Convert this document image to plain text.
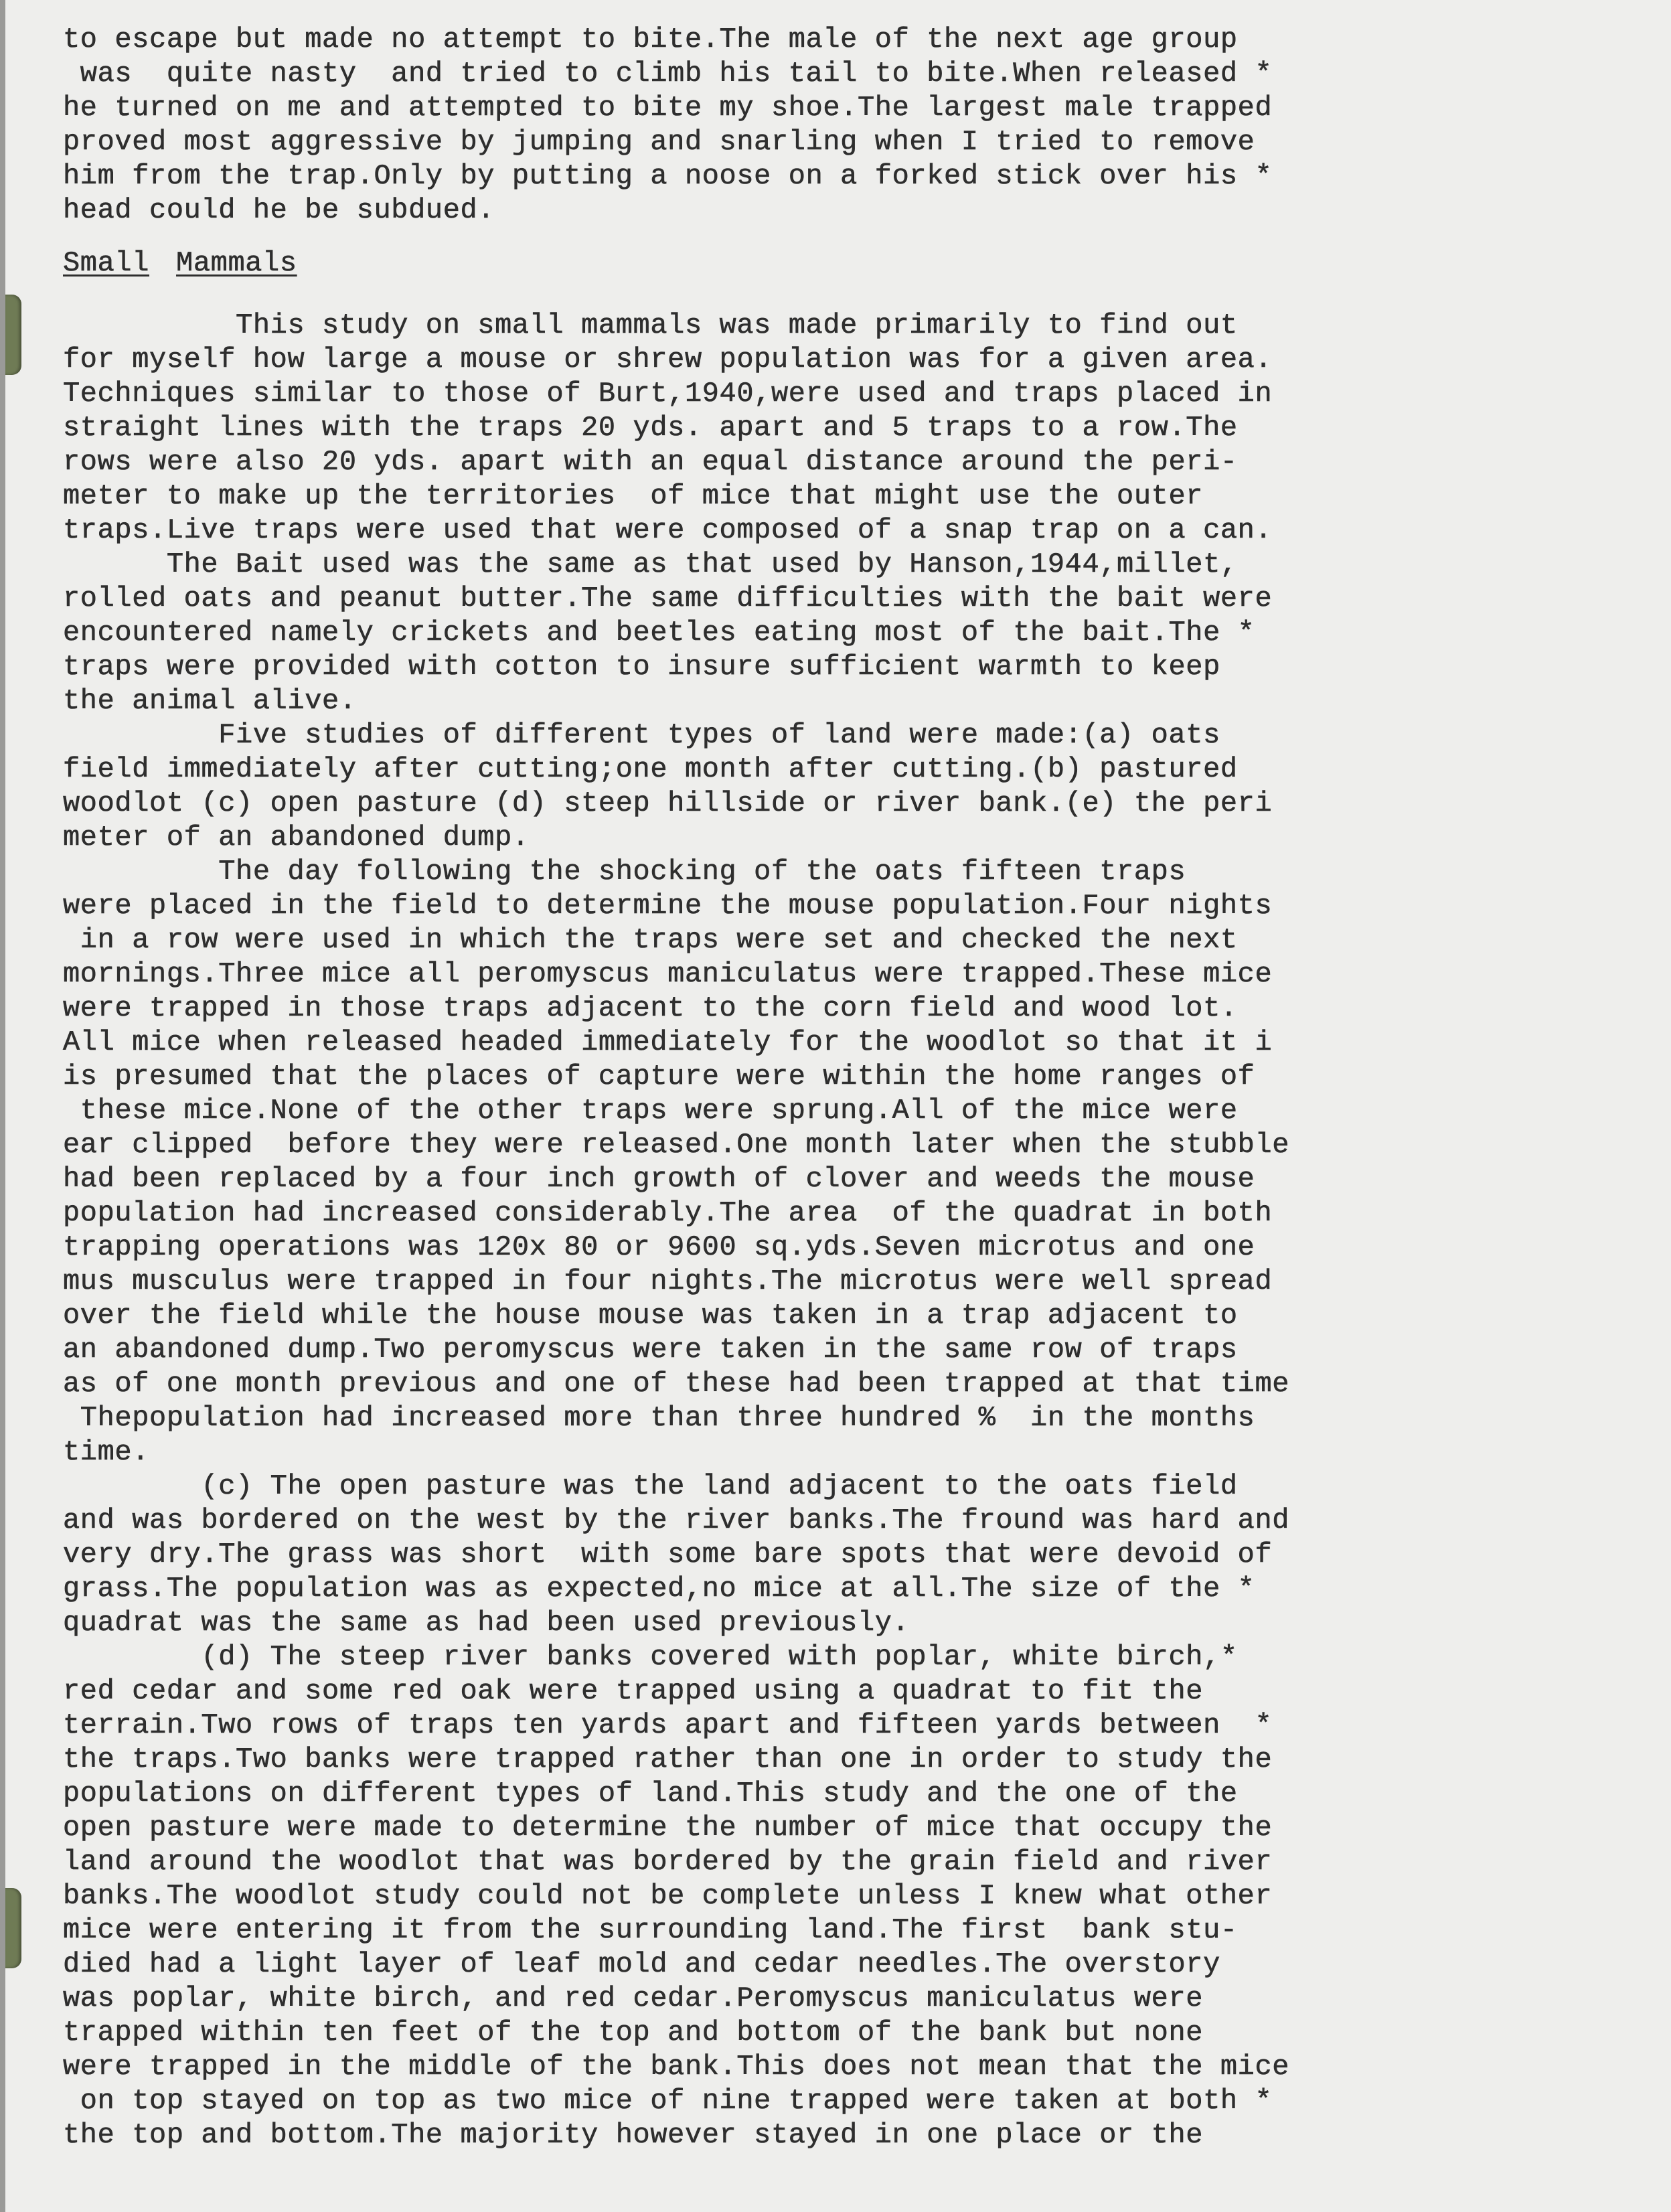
to escape but made no attempt to bite.The male of the next age group
was  quite nasty  and tried to climb his tail to bite.When released *
he turned on me and attempted to bite my shoe.The largest male trapped
proved most aggressive by jumping and snarling when I tried to remove
him from the trap.Only by putting a noose on a forked stick over his *
head could he be subdued.
Small Mammals
This study on small mammals was made primarily to find out
for myself how large a mouse or shrew population was for a given area.
Techniques similar to those of Burt,1940,were used and traps placed in
straight lines with the traps 20 yds. apart and 5 traps to a row.The
rows were also 20 yds. apart with an equal distance around the peri-
meter to make up the territories  of mice that might use the outer
traps.Live traps were used that were composed of a snap trap on a can.
The Bait used was the same as that used by Hanson,1944,millet,
rolled oats and peanut butter.The same difficulties with the bait were
encountered namely crickets and beetles eating most of the bait.The *
traps were provided with cotton to insure sufficient warmth to keep
the animal alive.
Five studies of different types of land were made:(a) oats
field immediately after cutting;one month after cutting.(b) pastured
woodlot (c) open pasture (d) steep hillside or river bank.(e) the peri
meter of an abandoned dump.
The day following the shocking of the oats fifteen traps
were placed in the field to determine the mouse population.Four nights
in a row were used in which the traps were set and checked the next
mornings.Three mice all peromyscus maniculatus were trapped.These mice
were trapped in those traps adjacent to the corn field and wood lot.
All mice when released headed immediately for the woodlot so that it i
is presumed that the places of capture were within the home ranges of
these mice.None of the other traps were sprung.All of the mice were
ear clipped  before they were released.One month later when the stubble
had been replaced by a four inch growth of clover and weeds the mouse
population had increased considerably.The area  of the quadrat in both
trapping operations was 120x 80 or 9600 sq.yds.Seven microtus and one
mus musculus were trapped in four nights.The microtus were well spread
over the field while the house mouse was taken in a trap adjacent to
an abandoned dump.Two peromyscus were taken in the same row of traps
as of one month previous and one of these had been trapped at that time
Thepopulation had increased more than three hundred %  in the months
time.
(c) The open pasture was the land adjacent to the oats field
and was bordered on the west by the river banks.The fround was hard and
very dry.The grass was short  with some bare spots that were devoid of
grass.The population was as expected,no mice at all.The size of the *
quadrat was the same as had been used previously.
(d) The steep river banks covered with poplar, white birch,*
red cedar and some red oak were trapped using a quadrat to fit the
terrain.Two rows of traps ten yards apart and fifteen yards between  *
the traps.Two banks were trapped rather than one in order to study the
populations on different types of land.This study and the one of the
open pasture were made to determine the number of mice that occupy the
land around the woodlot that was bordered by the grain field and river
banks.The woodlot study could not be complete unless I knew what other
mice were entering it from the surrounding land.The first  bank stu-
died had a light layer of leaf mold and cedar needles.The overstory
was poplar, white birch, and red cedar.Peromyscus maniculatus were
trapped within ten feet of the top and bottom of the bank but none
were trapped in the middle of the bank.This does not mean that the mice
on top stayed on top as two mice of nine trapped were taken at both *
the top and bottom.The majority however stayed in one place or the
